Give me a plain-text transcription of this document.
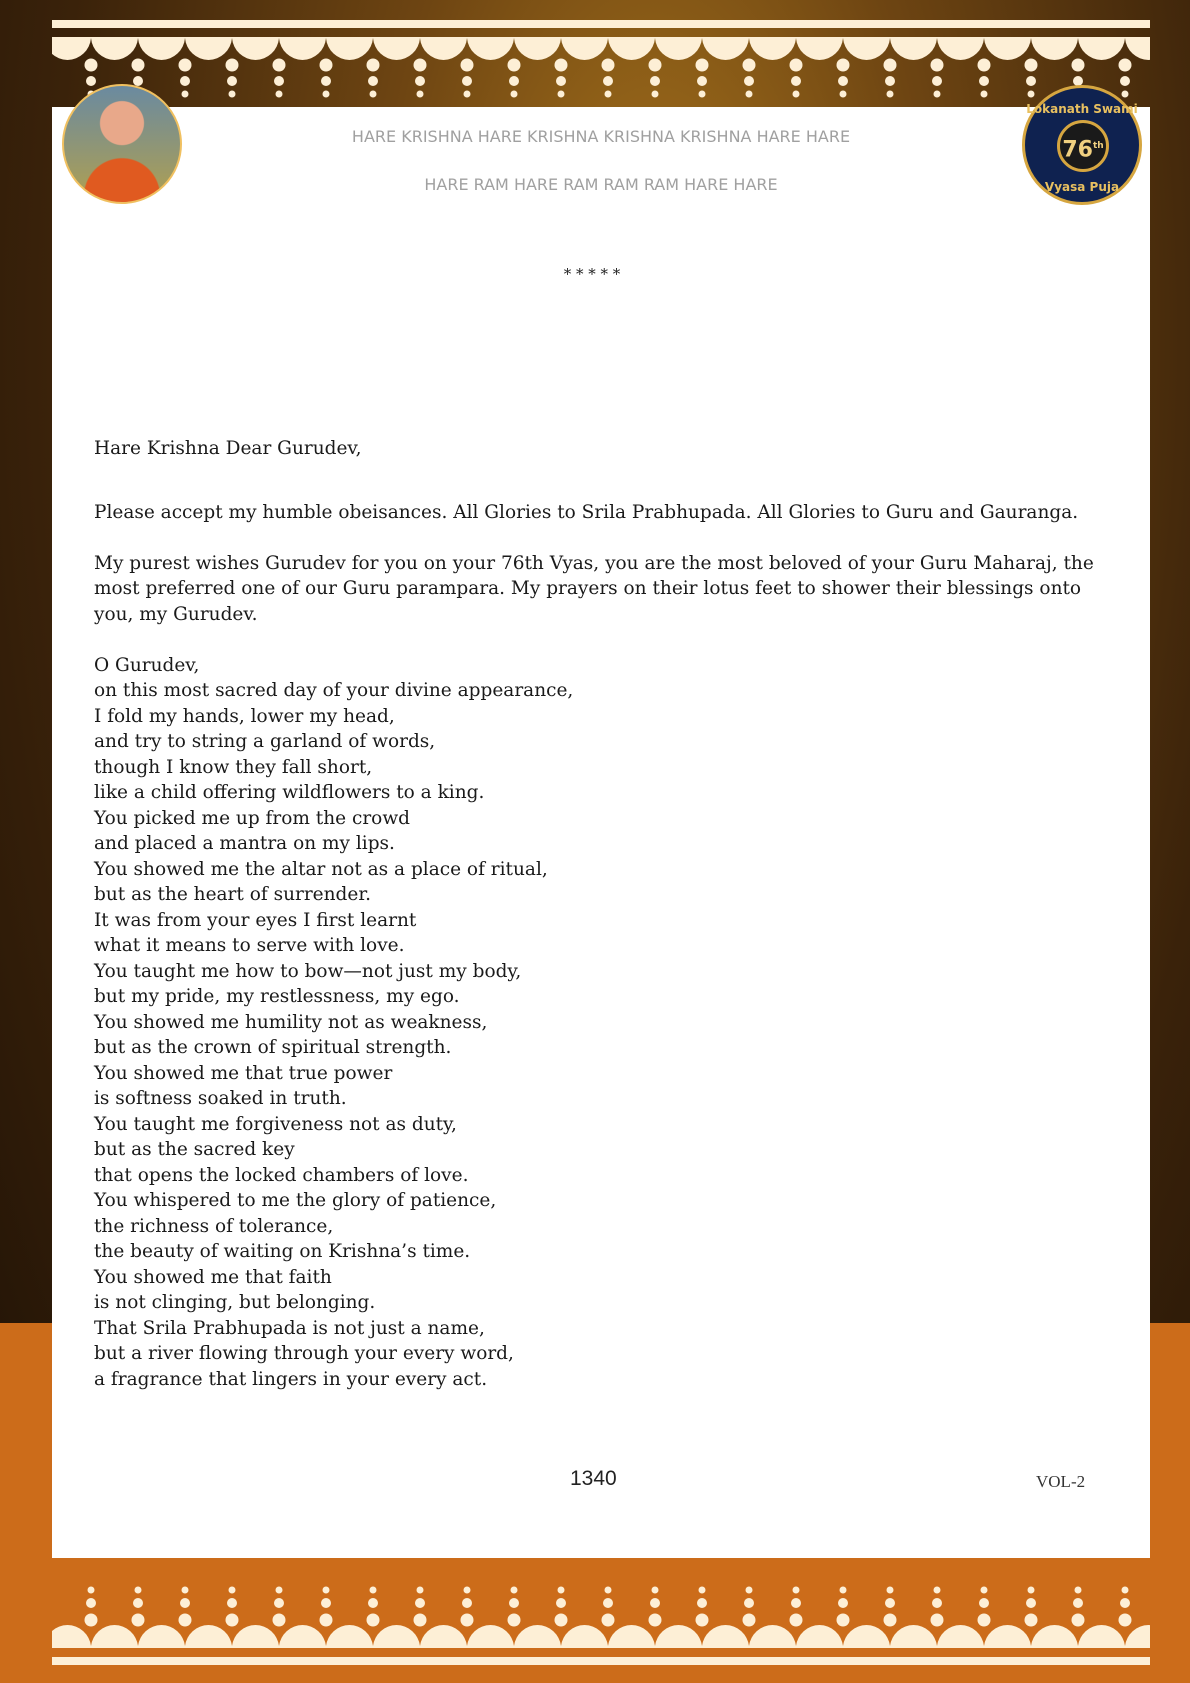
Lokanath Swami
76th
Vyasa Puja
HARE KRISHNA HARE KRISHNA KRISHNA KRISHNA HARE HARE
HARE RAM HARE RAM RAM RAM HARE HARE
* * * * *

Hare Krishna Dear Gurudev,

Please accept my humble obeisances. All Glories to Srila Prabhupada. All Glories to Guru and Gauranga.

My purest wishes Gurudev for you on your 76th Vyas, you are the most beloved of your Guru Maharaj, the most preferred one of our Guru parampara. My prayers on their lotus feet to shower their blessings onto you, my Gurudev.

O Gurudev,
on this most sacred day of your divine appearance,
I fold my hands, lower my head,
and try to string a garland of words,
though I know they fall short,
like a child offering wildflowers to a king.
You picked me up from the crowd
and placed a mantra on my lips.
You showed me the altar not as a place of ritual,
but as the heart of surrender.
It was from your eyes I first learnt
what it means to serve with love.
You taught me how to bow—not just my body,
but my pride, my restlessness, my ego.
You showed me humility not as weakness,
but as the crown of spiritual strength.
You showed me that true power
is softness soaked in truth.
You taught me forgiveness not as duty,
but as the sacred key
that opens the locked chambers of love.
You whispered to me the glory of patience,
the richness of tolerance,
the beauty of waiting on Krishna’s time.
You showed me that faith
is not clinging, but belonging.
That Srila Prabhupada is not just a name,
but a river flowing through your every word,
a fragrance that lingers in your every act.
1340	VOL-2
